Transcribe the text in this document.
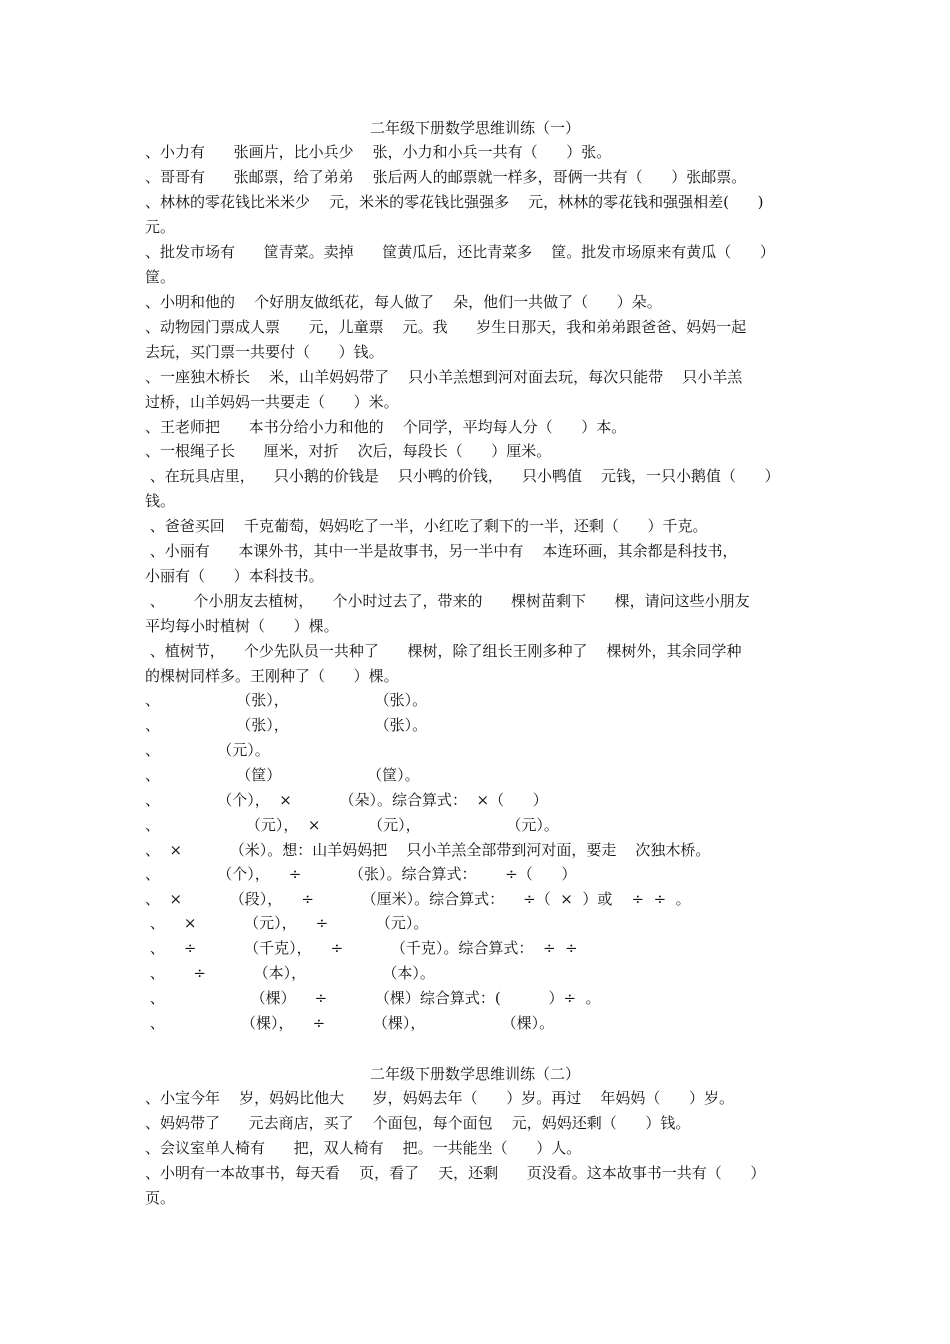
二年级下册数学思维训练（一）
、小力有      张画片，比小兵少    张，小力和小兵一共有（      ）张。
、哥哥有      张邮票，给了弟弟    张后两人的邮票就一样多，哥俩一共有（      ）张邮票。
、林林的零花钱比米米少    元，米米的零花钱比强强多    元，林林的零花钱和强强相差(      )
元。
、批发市场有      筐青菜。卖掉      筐黄瓜后，还比青菜多    筐。批发市场原来有黄瓜（      ）
筐。
、小明和他的    个好朋友做纸花，每人做了    朵，他们一共做了（      ）朵。
、动物园门票成人票      元，儿童票    元。我      岁生日那天，我和弟弟跟爸爸、妈妈一起
去玩，买门票一共要付（      ）钱。
、一座独木桥长    米，山羊妈妈带了    只小羊羔想到河对面去玩，每次只能带    只小羊羔
过桥，山羊妈妈一共要走（      ）米。
、王老师把      本书分给小力和他的    个同学，平均每人分（      ）本。
、一根绳子长      厘米，对折    次后，每段长（      ）厘米。
、在玩具店里，    只小鹅的价钱是    只小鸭的价钱，    只小鸭值    元钱，一只小鹅值（      ）
钱。
、爸爸买回    千克葡萄，妈妈吃了一半，小红吃了剩下的一半，还剩（      ）千克。
、小丽有      本课外书，其中一半是故事书，另一半中有    本连环画，其余都是科技书，
小丽有（      ）本科技书。
、      个小朋友去植树，    个小时过去了，带来的      棵树苗剩下      棵，请问这些小朋友
平均每小时植树（      ）棵。
、植树节，    个少先队员一共种了      棵树，除了组长王刚多种了    棵树外，其余同学种
的棵树同样多。王刚种了（      ）棵。
、                （张），                  （张）。
、                （张），                  （张）。
、            （元）。
、                （筐）                  （筐）。
、            （个），  ×          （朵）。综合算式：  ×（      ）
、                  （元），  ×          （元），                  （元）。
、  ×          （米）。想：山羊妈妈把    只小羊羔全部带到河对面，要走    次独木桥。
、            （个），    ÷          （张）。综合算式：      ÷（      ）
、  ×          （段），    ÷          （厘米）。综合算式：    ÷（  ×  ）或    ÷  ÷  。
、    ×          （元），    ÷          （元）。
、    ÷          （千克），    ÷          （千克）。综合算式：  ÷  ÷
、      ÷          （本），                （本）。
、                  （棵）    ÷          （棵）综合算式：(          ）÷  。
、                （棵），    ÷          （棵），                （棵）。
二年级下册数学思维训练（二）
、小宝今年    岁，妈妈比他大      岁，妈妈去年（      ）岁。再过    年妈妈（      ）岁。
、妈妈带了      元去商店，买了    个面包，每个面包    元，妈妈还剩（      ）钱。
、会议室单人椅有      把，双人椅有    把。一共能坐（      ）人。
、小明有一本故事书，每天看    页，看了    天，还剩      页没看。这本故事书一共有（      ）
页。
